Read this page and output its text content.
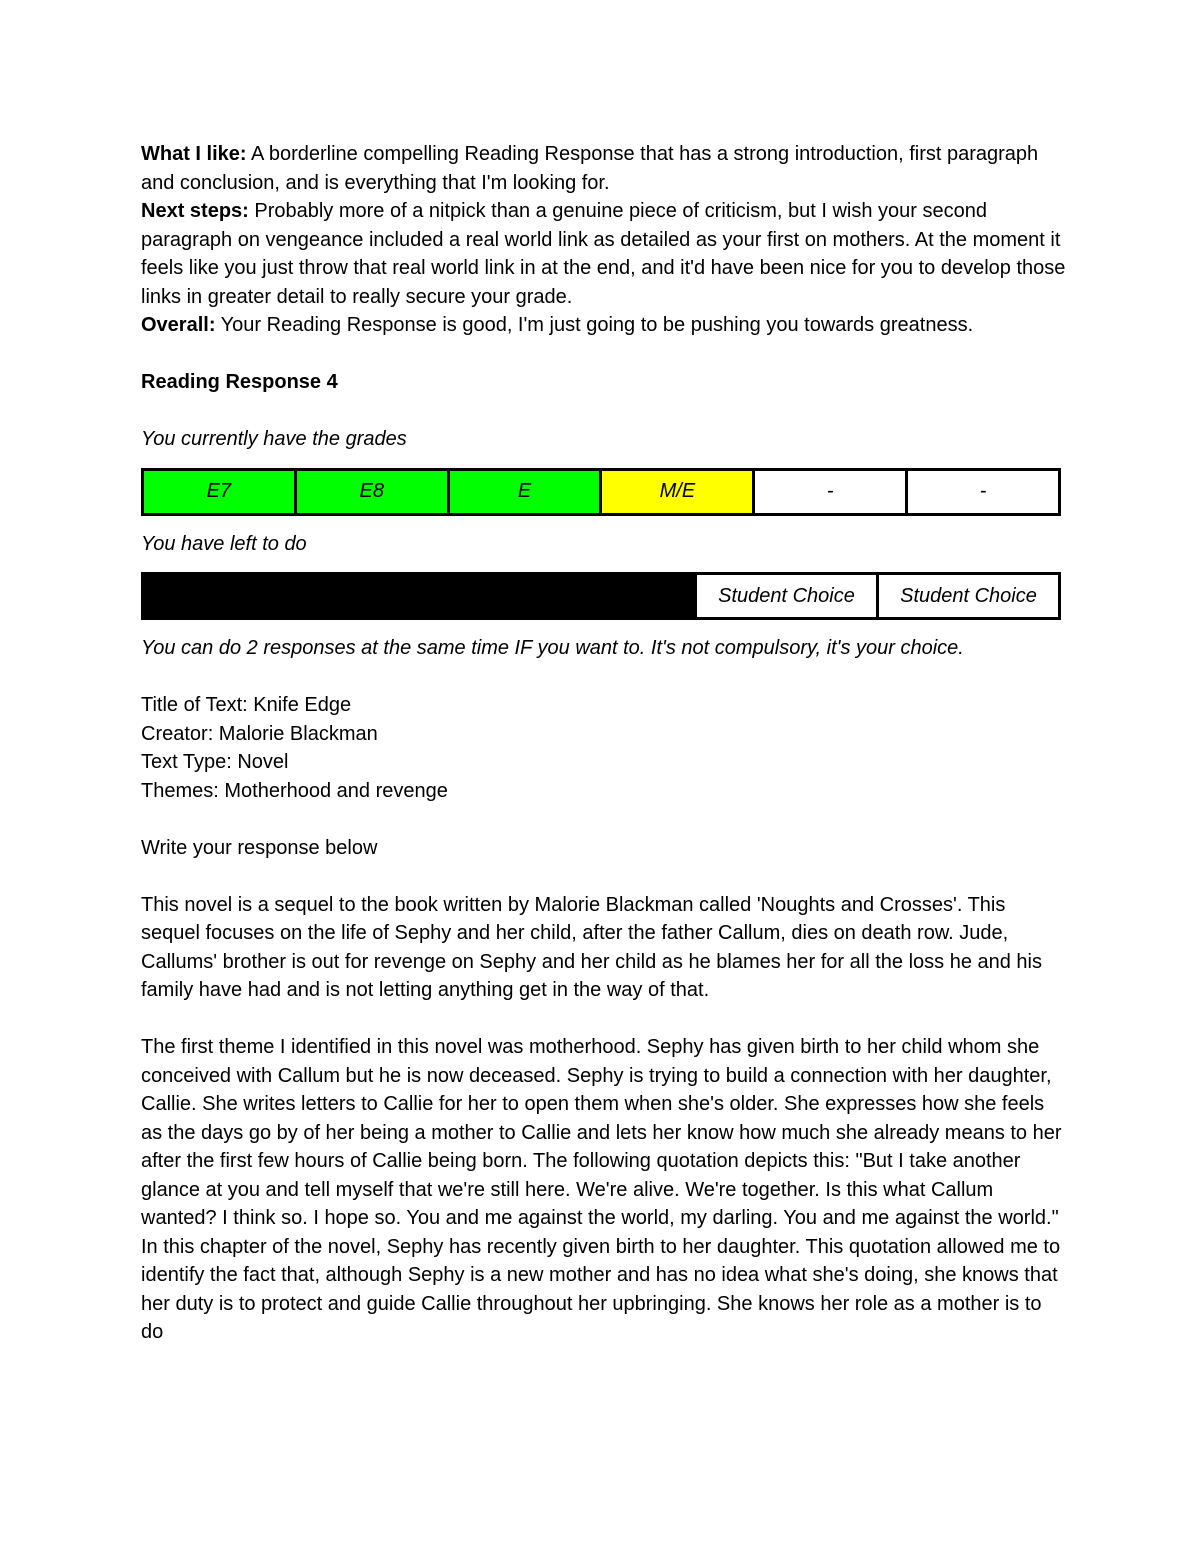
What I like: A borderline compelling Reading Response that has a strong introduction, first paragraph and conclusion, and is everything that I'm looking for.

Next steps: Probably more of a nitpick than a genuine piece of criticism, but I wish your second paragraph on vengeance included a real world link as detailed as your first on mothers. At the moment it feels like you just throw that real world link in at the end, and it'd have been nice for you to develop those links in greater detail to really secure your grade.

Overall: Your Reading Response is good, I'm just going to be pushing you towards greatness.

Reading Response 4

You currently have the grades

E7	E8	E	M/E	-	-

You have left to do

	Student Choice	Student Choice

You can do 2 responses at the same time IF you want to. It's not compulsory, it's your choice.

Title of Text: Knife Edge

Creator: Malorie Blackman

Text Type: Novel

Themes: Motherhood and revenge

Write your response below

This novel is a sequel to the book written by Malorie Blackman called 'Noughts and Crosses'. This sequel focuses on the life of Sephy and her child, after the father Callum, dies on death row. Jude, Callums' brother is out for revenge on Sephy and her child as he blames her for all the loss he and his family have had and is not letting anything get in the way of that.

The first theme I identified in this novel was motherhood. Sephy has given birth to her child whom she conceived with Callum but he is now deceased. Sephy is trying to build a connection with her daughter, Callie. She writes letters to Callie for her to open them when she's older. She expresses how she feels as the days go by of her being a mother to Callie and lets her know how much she already means to her after the first few hours of Callie being born. The following quotation depicts this: "But I take another glance at you and tell myself that we're still here. We're alive. We're together. Is this what Callum wanted? I think so. I hope so. You and me against the world, my darling. You and me against the world." In this chapter of the novel, Sephy has recently given birth to her daughter. This quotation allowed me to identify the fact that, although Sephy is a new mother and has no idea what she's doing, she knows that her duty is to protect and guide Callie throughout her upbringing. She knows her role as a mother is to do
